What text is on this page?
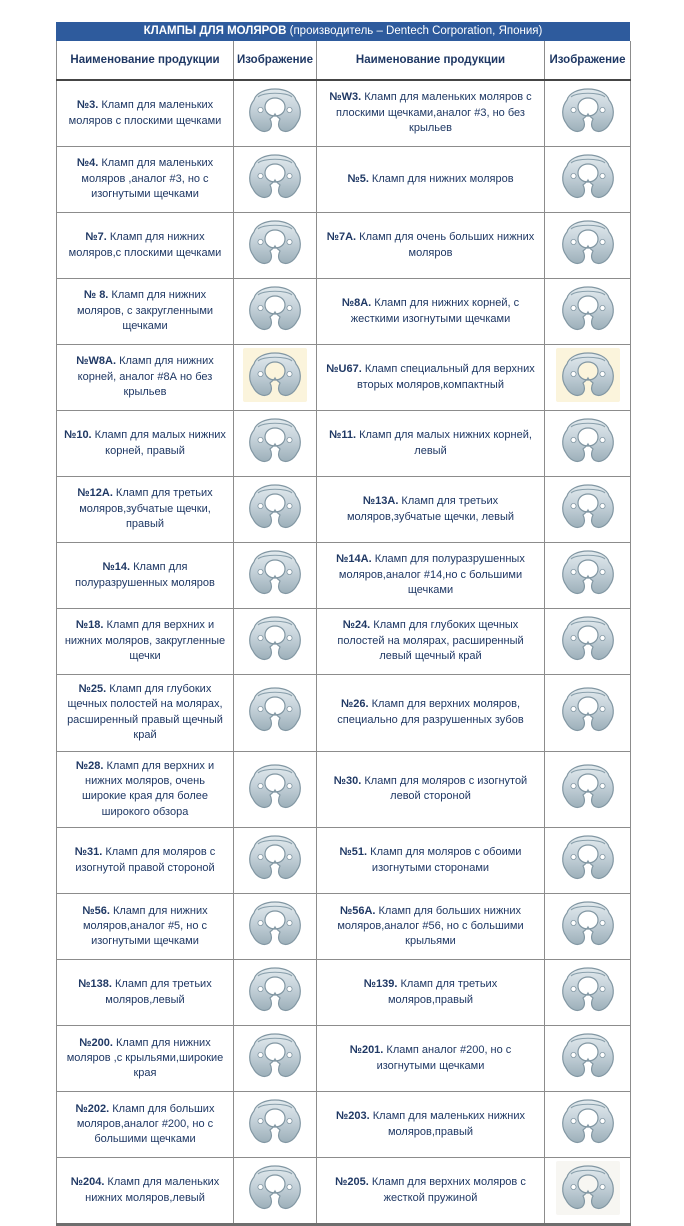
КЛАМПЫ ДЛЯ МОЛЯРОВ (производитель – Dentech Corporation, Япония)
Наименование продукции	Изображение	Наименование продукции	Изображение
№3. Кламп для маленьких моляров с плоскими щечками		№W3. Кламп для маленьких моляров с плоскими щечками,аналог #3, но без крыльев	
№4. Кламп для маленьких моляров ,аналог #3, но с изогнутыми щечками		№5. Кламп для нижних моляров	
№7. Кламп для нижних моляров,с плоскими щечками		№7А. Кламп для очень больших нижних моляров	
№ 8. Кламп для нижних моляров, с закругленными щечками		№8А. Кламп для нижних корней, с жесткими изогнутыми щечками	
№W8А. Кламп для нижних корней, аналог #8А но без крыльев		№U67. Кламп специальный для верхних вторых моляров,компактный	
№10. Кламп для малых нижних корней, правый		№11. Кламп для малых нижних корней, левый	
№12А. Кламп для третьих моляров,зубчатые щечки, правый		№13А. Кламп для третьих моляров,зубчатые щечки, левый	
№14. Кламп для полуразрушенных моляров		№14А. Кламп для полуразрушенных моляров,аналог #14,но с большими щечками	
№18. Кламп для верхних и нижних моляров, закругленные щечки		№24. Кламп для глубоких щечных полостей на молярах, расширенный левый щечный край	
№25. Кламп для глубоких щечных полостей на молярах, расширенный правый щечный край		№26. Кламп для верхних моляров, специально для разрушенных зубов	
№28. Кламп для верхних и нижних моляров, очень широкие края для более широкого обзора		№30. Кламп для моляров с изогнутой левой стороной	
№31. Кламп для моляров с изогнутой правой стороной		№51. Кламп для моляров с обоими изогнутыми сторонами	
№56. Кламп для нижних моляров,аналог #5, но с изогнутыми щечками		№56А. Кламп для больших нижних моляров,аналог #56, но с большими крыльями	
№138. Кламп для третьих моляров,левый		№139. Кламп для третьих моляров,правый	
№200. Кламп для нижних моляров ,с крыльями,широкие края		№201. Кламп аналог #200, но с изогнутыми щечками	
№202. Кламп для больших моляров,аналог #200, но с большими щечками		№203. Кламп для маленьких нижних моляров,правый	
№204. Кламп для маленьких нижних моляров,левый		№205. Кламп для верхних моляров с жесткой пружиной	
